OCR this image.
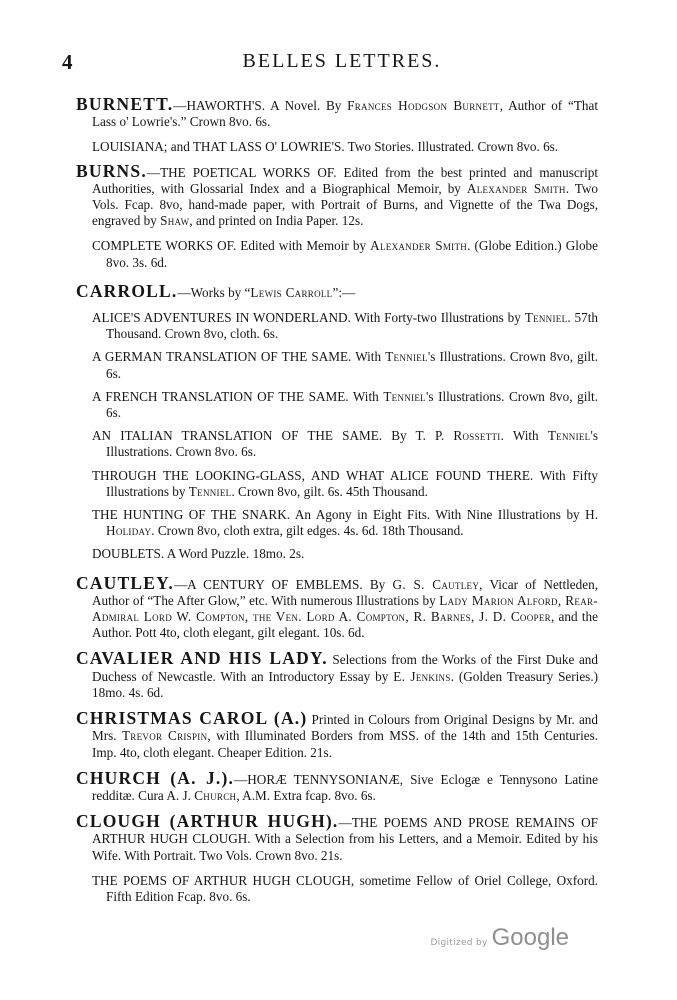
4	BELLES LETTRES.
BURNETT.—HAWORTH'S. A Novel. By Frances Hodgson Burnett, Author of “That Lass o' Lowrie's.” Crown 8vo. 6s.
LOUISIANA; and THAT LASS O' LOWRIE'S. Two Stories. Illustrated. Crown 8vo. 6s.
BURNS.—THE POETICAL WORKS OF. Edited from the best printed and manuscript Authorities, with Glossarial Index and a Biographical Memoir, by Alexander Smith. Two Vols. Fcap. 8vo, hand-made paper, with Portrait of Burns, and Vignette of the Twa Dogs, engraved by Shaw, and printed on India Paper. 12s.
COMPLETE WORKS OF. Edited with Memoir by Alexander Smith. (Globe Edition.) Globe 8vo. 3s. 6d.
CARROLL.—Works by “Lewis Carroll”:—
ALICE'S ADVENTURES IN WONDERLAND. With Forty-two Illustrations by Tenniel. 57th Thousand. Crown 8vo, cloth. 6s.
A GERMAN TRANSLATION OF THE SAME. With Tenniel's Illustrations. Crown 8vo, gilt. 6s.
A FRENCH TRANSLATION OF THE SAME. With Tenniel's Illustrations. Crown 8vo, gilt. 6s.
AN ITALIAN TRANSLATION OF THE SAME. By T. P. Rossetti. With Tenniel's Illustrations. Crown 8vo. 6s.
THROUGH THE LOOKING-GLASS, AND WHAT ALICE FOUND THERE. With Fifty Illustrations by Tenniel. Crown 8vo, gilt. 6s. 45th Thousand.
THE HUNTING OF THE SNARK. An Agony in Eight Fits. With Nine Illustrations by H. Holiday. Crown 8vo, cloth extra, gilt edges. 4s. 6d. 18th Thousand.
DOUBLETS. A Word Puzzle. 18mo. 2s.
CAUTLEY.—A CENTURY OF EMBLEMS. By G. S. Cautley, Vicar of Nettleden, Author of “The After Glow,” etc. With numerous Illustrations by Lady Marion Alford, Rear-Admiral Lord W. Compton, the Ven. Lord A. Compton, R. Barnes, J. D. Cooper, and the Author. Pott 4to, cloth elegant, gilt elegant. 10s. 6d.
CAVALIER AND HIS LADY. Selections from the Works of the First Duke and Duchess of Newcastle. With an Introductory Essay by E. Jenkins. (Golden Treasury Series.) 18mo. 4s. 6d.
CHRISTMAS CAROL (A.) Printed in Colours from Original Designs by Mr. and Mrs. Trevor Crispin, with Illuminated Borders from MSS. of the 14th and 15th Centuries. Imp. 4to, cloth elegant. Cheaper Edition. 21s.
CHURCH (A. J.).—HORÆ TENNYSONIANÆ, Sive Eclogæ e Tennysono Latine redditæ. Cura A. J. Church, A.M. Extra fcap. 8vo. 6s.
CLOUGH (ARTHUR HUGH).—THE POEMS AND PROSE REMAINS OF ARTHUR HUGH CLOUGH. With a Selection from his Letters, and a Memoir. Edited by his Wife. With Portrait. Two Vols. Crown 8vo. 21s.
THE POEMS OF ARTHUR HUGH CLOUGH, sometime Fellow of Oriel College, Oxford. Fifth Edition Fcap. 8vo. 6s.
Digitized by Google
